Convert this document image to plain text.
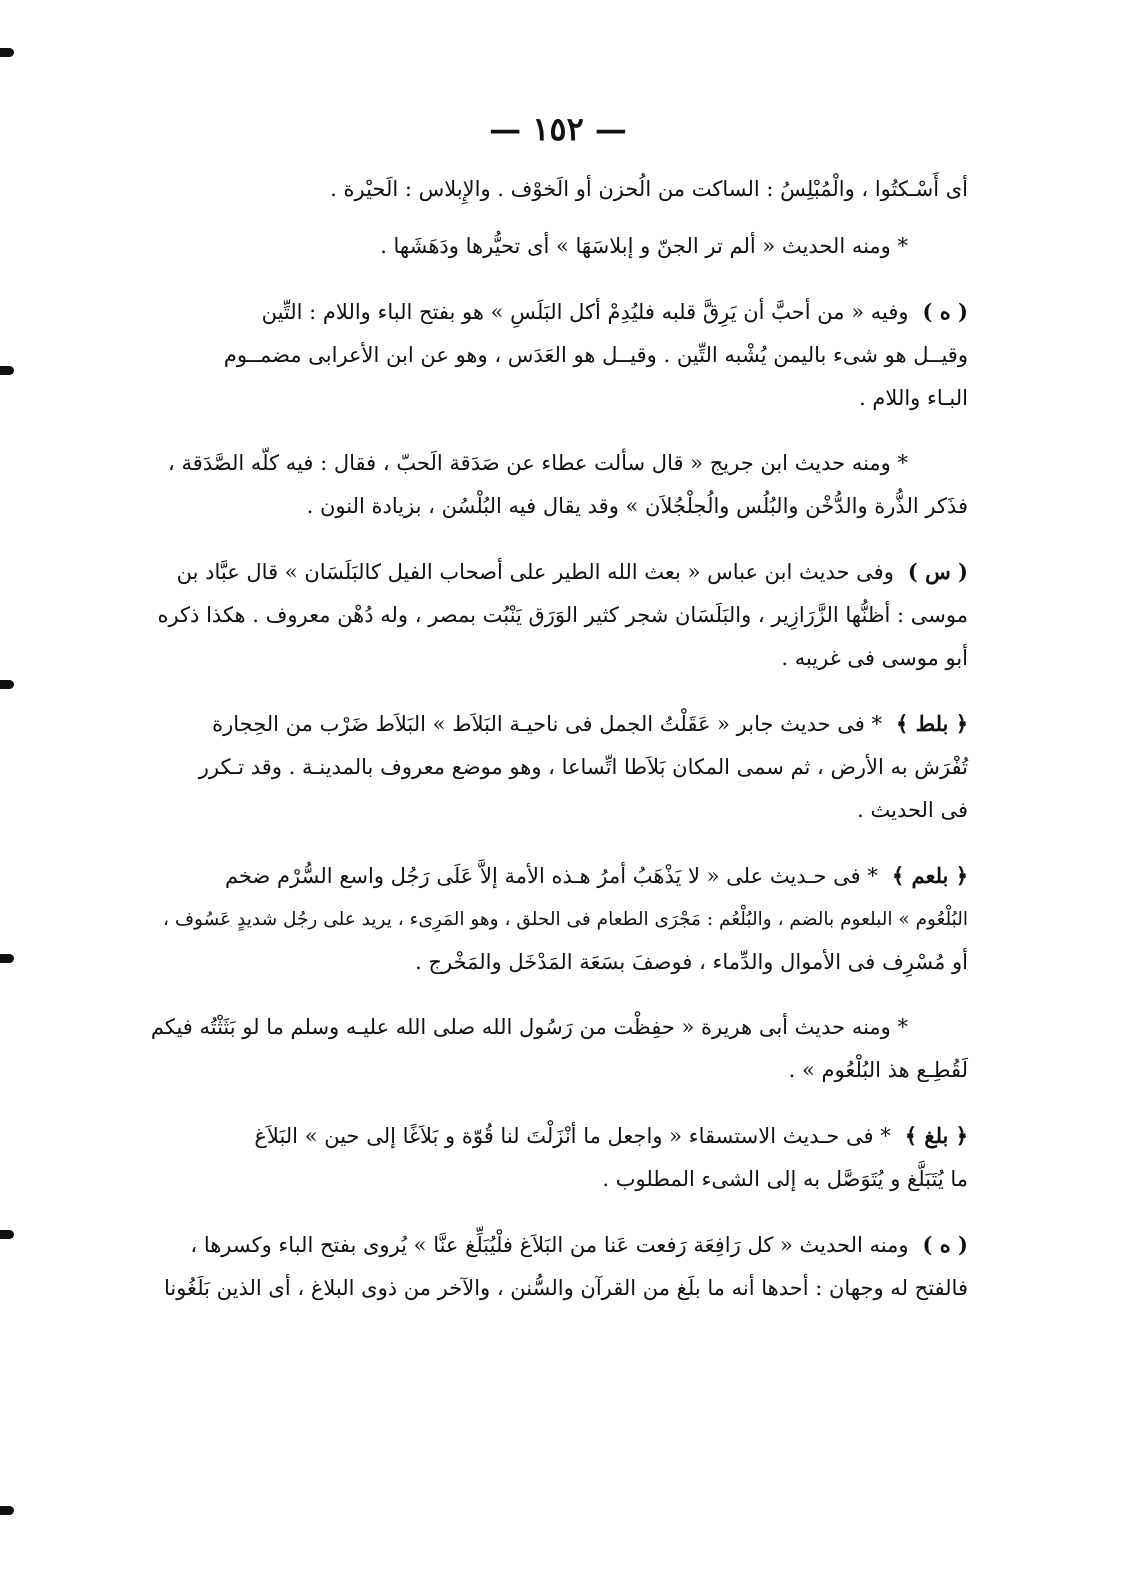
— ١٥٢ —

أى أَسْـكتُوا ، والْمُبْلِسُ : الساكت من الُحزن أو الَخوْف . والإِبلاس : الَحيْرة .

* ومنه الحديث « ألم تر الجنّ و إبلاسَهَا » أى تحيُّرها ودَهَشَها .

( ه )وفيه « من أحبَّ أن يَرِقَّ قلبه فليُدِمْ أكل البَلَسِ » هو بفتح الباء واللام : التِّين
وقيــل هو شىء باليمن يُشْبه التِّين . وقيــل هو العَدَس ، وهو عن ابن الأعرابى مضمــوم
البـاء واللام .

* ومنه حديث ابن جريج « قال سألت عطاء عن صَدَقة الَحبّ ، فقال : فيه كلّه الصَّدَقة ،
فذَكر الذُّرة والدُّخْن والبُلُس والُجلْجُلاَن » وقد يقال فيه البُلْسُن ، بزيادة النون .

( س )وفى حديث ابن عباس « بعث الله الطير على أصحاب الفيل كالبَلَسَان » قال عبَّاد بن
موسى : أظنُّها الزَّرَازِير ، والبَلَسَان شجر كثير الوَرَق يَنْبُت بمصر ، وله دُهْن معروف . هكذا ذكره
أبو موسى فى غريبه .

﴿ بلط ﴾* فى حديث جابر « عَقَلْتُ الجمل فى ناحيـة البَلاَط » البَلاَط ضَرْب من الحِجارة
تُفْرَش به الأرض ، ثم سمى المكان بَلاَطا اتِّساعا ، وهو موضع معروف بالمدينـة . وقد تـكرر
فى الحديث .

﴿ بلعم ﴾* فى حـديث على « لا يَذْهَبُ أمرُ هـذه الأمة إلاَّ عَلَى رَجُل واسع السُّرْم ضخم
البُلْعُوم » البلعوم بالضم ، والبُلْعُم : مَجْرَى الطعام فى الحلق ، وهو المَرِىء ، يريد على رجُل شديدٍ عَسُوف ،
أو مُسْرِف فى الأموال والدِّماء ، فوصفَ بسَعَة المَدْخَل والمَخْرج .

* ومنه حديث أبى هريرة « حفِظْت من رَسُول الله صلى الله عليـه وسلم ما لو بَثَثْتُه فيكم
لَقُطِـع هذ البُلْعُوم » .

﴿ بلغ ﴾* فى حـديث الاستسقاء « واجعل ما أنْزَلْتَ لنا قُوّة و بَلاَغًا إلى حين » البَلاَغ
ما يُتَبَلَّغ و يُتَوَصَّل به إلى الشىء المطلوب .

( ه )ومنه الحديث « كل رَافِعَة رَفعت عَنا من البَلاَغ فلْيُبَلِّغ عنَّا » يُروى بفتح الباء وكسرها ،
فالفتح له وجهان : أحدها أنه ما بلَغ من القرآن والسُّنن ، والآخر من ذوى البلاغ ، أى الذين بَلَغُونا
